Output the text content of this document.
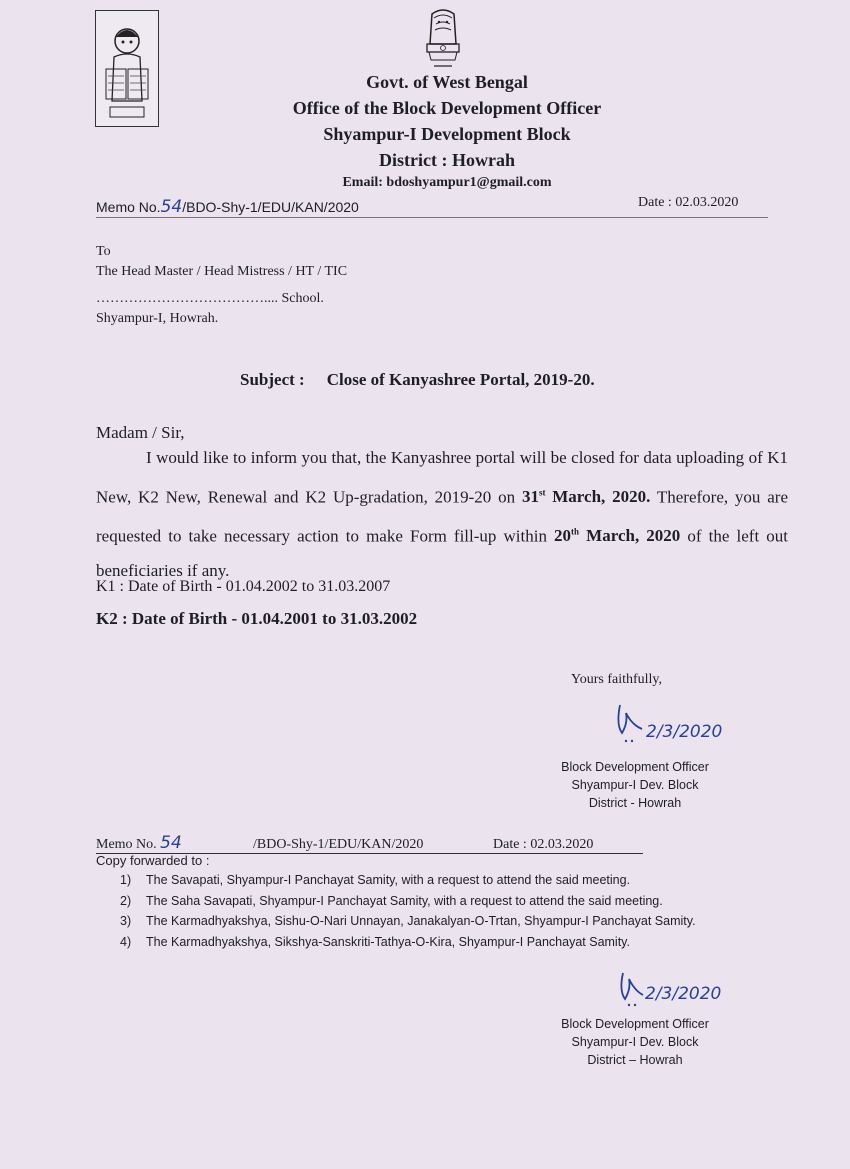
Govt. of West Bengal
Office of the Block Development Officer
Shyampur-I Development Block
District : Howrah
Email: bdoshyampur1@gmail.com
Memo No.54/BDO-Shy-1/EDU/KAN/2020	Date : 02.03.2020
To
The Head Master / Head Mistress / HT / TIC
……………………………….... School.
Shyampur-I, Howrah.
Subject : Close of Kanyashree Portal, 2019-20.
Madam / Sir,
I would like to inform you that, the Kanyashree portal will be closed for data uploading of K1 New, K2 New, Renewal and K2 Up-gradation, 2019-20 on 31st March, 2020. Therefore, you are requested to take necessary action to make Form fill-up within 20th March, 2020 of the left out beneficiaries if any.
K1 : Date of Birth - 01.04.2002 to 31.03.2007
K2 : Date of Birth - 01.04.2001 to 31.03.2002
Yours faithfully,
2/3/2020
Block Development Officer
Shyampur-I Dev. Block
District - Howrah
Memo No. 54	/BDO-Shy-1/EDU/KAN/2020	Date : 02.03.2020
Copy forwarded to :
1) The Savapati, Shyampur-I Panchayat Samity, with a request to attend the said meeting.
2) The Saha Savapati, Shyampur-I Panchayat Samity, with a request to attend the said meeting.
3) The Karmadhyakshya, Sishu-O-Nari Unnayan, Janakalyan-O-Trtan, Shyampur-I Panchayat Samity.
4) The Karmadhyakshya, Sikshya-Sanskriti-Tathya-O-Kira, Shyampur-I Panchayat Samity.
2/3/2020
Block Development Officer
Shyampur-I Dev. Block
District – Howrah
